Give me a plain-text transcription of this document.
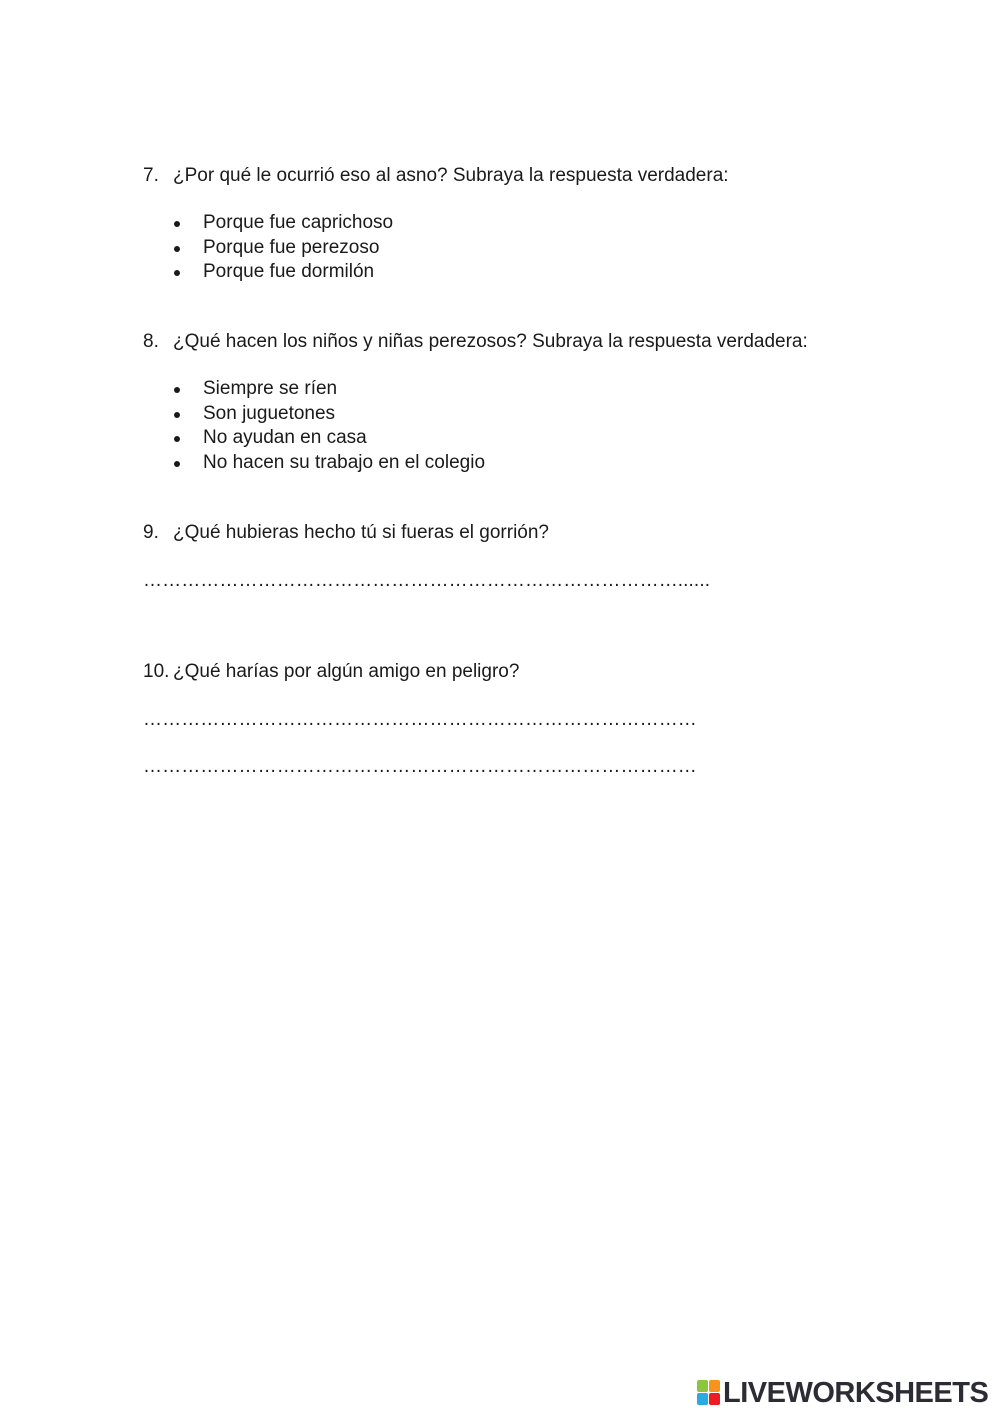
7. ¿Por qué le ocurrió eso al asno? Subraya la respuesta verdadera:
Porque fue caprichoso
Porque fue perezoso
Porque fue dormilón
8. ¿Qué hacen los niños y niñas perezosos? Subraya la respuesta verdadera:
Siempre se ríen
Son juguetones
No ayudan en casa
No hacen su trabajo en el colegio
9. ¿Qué hubieras hecho tú si fueras el gorrión?
…………………………………………………………………………......
10. ¿Qué harías por algún amigo en peligro?
……………………………………………………………………………
……………………………………………………………………………
LIVEWORKSHEETS
